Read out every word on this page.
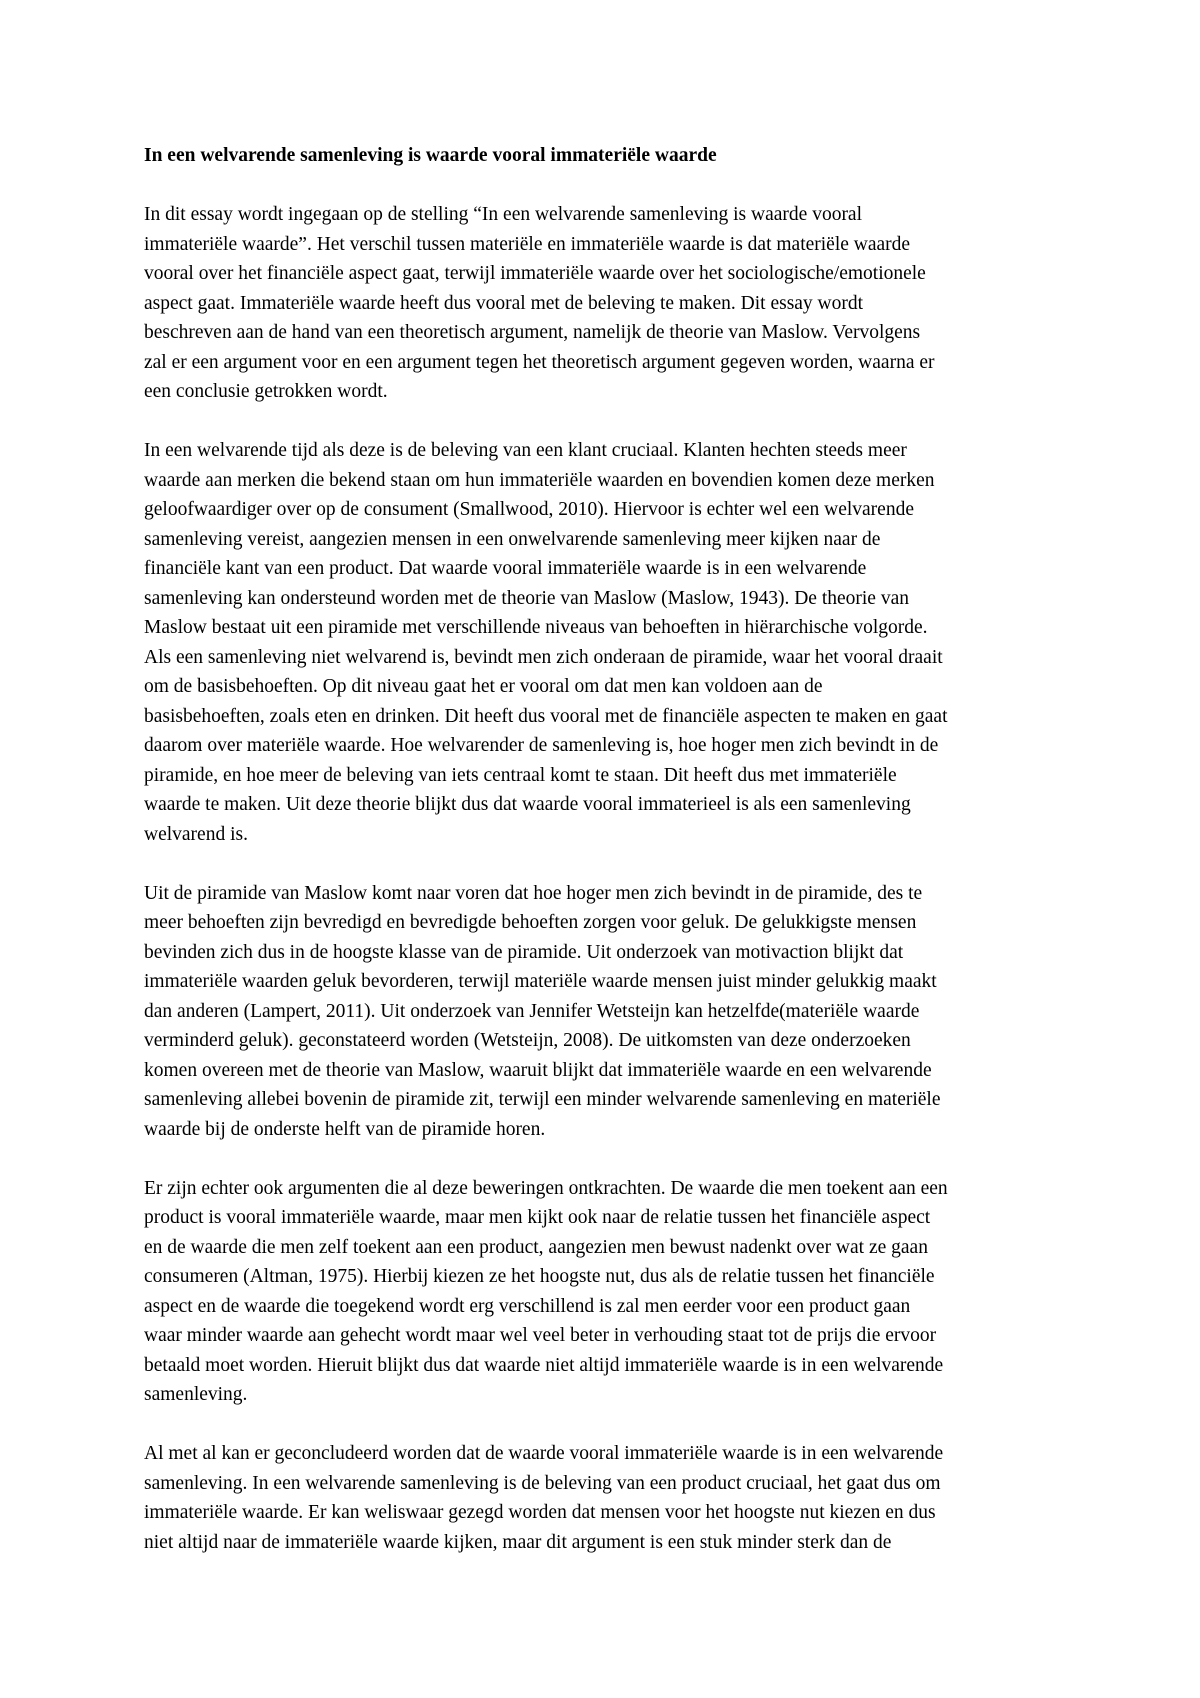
In een welvarende samenleving is waarde vooral immateriële waarde
In dit essay wordt ingegaan op de stelling “In een welvarende samenleving is waarde vooral
immateriële waarde”. Het verschil tussen materiële en immateriële waarde is dat materiële waarde
vooral over het financiële aspect gaat, terwijl immateriële waarde over het sociologische/emotionele
aspect gaat. Immateriële waarde heeft dus vooral met de beleving te maken. Dit essay wordt
beschreven aan de hand van een theoretisch argument, namelijk de theorie van Maslow. Vervolgens
zal er een argument voor en een argument tegen het theoretisch argument gegeven worden, waarna er
een conclusie getrokken wordt.
In een welvarende tijd als deze is de beleving van een klant cruciaal. Klanten hechten steeds meer
waarde aan merken die bekend staan om hun immateriële waarden en bovendien komen deze merken
geloofwaardiger over op de consument (Smallwood, 2010). Hiervoor is echter wel een welvarende
samenleving vereist, aangezien mensen in een onwelvarende samenleving meer kijken naar de
financiële kant van een product. Dat waarde vooral immateriële waarde is in een welvarende
samenleving kan ondersteund worden met de theorie van Maslow (Maslow, 1943). De theorie van
Maslow bestaat uit een piramide met verschillende niveaus van behoeften in hiërarchische volgorde.
Als een samenleving niet welvarend is, bevindt men zich onderaan de piramide, waar het vooral draait
om de basisbehoeften. Op dit niveau gaat het er vooral om dat men kan voldoen aan de
basisbehoeften, zoals eten en drinken. Dit heeft dus vooral met de financiële aspecten te maken en gaat
daarom over materiële waarde. Hoe welvarender de samenleving is, hoe hoger men zich bevindt in de
piramide, en hoe meer de beleving van iets centraal komt te staan. Dit heeft dus met immateriële
waarde te maken. Uit deze theorie blijkt dus dat waarde vooral immaterieel is als een samenleving
welvarend is.
Uit de piramide van Maslow komt naar voren dat hoe hoger men zich bevindt in de piramide, des te
meer behoeften zijn bevredigd en bevredigde behoeften zorgen voor geluk. De gelukkigste mensen
bevinden zich dus in de hoogste klasse van de piramide. Uit onderzoek van motivaction blijkt dat
immateriële waarden geluk bevorderen, terwijl materiële waarde mensen juist minder gelukkig maakt
dan anderen (Lampert, 2011). Uit onderzoek van Jennifer Wetsteijn kan hetzelfde(materiële waarde
verminderd geluk). geconstateerd worden (Wetsteijn, 2008). De uitkomsten van deze onderzoeken
komen overeen met de theorie van Maslow, waaruit blijkt dat immateriële waarde en een welvarende
samenleving allebei bovenin de piramide zit, terwijl een minder welvarende samenleving en materiële
waarde bij de onderste helft van de piramide horen.
Er zijn echter ook argumenten die al deze beweringen ontkrachten. De waarde die men toekent aan een
product is vooral immateriële waarde, maar men kijkt ook naar de relatie tussen het financiële aspect
en de waarde die men zelf toekent aan een product, aangezien men bewust nadenkt over wat ze gaan
consumeren (Altman, 1975). Hierbij kiezen ze het hoogste nut, dus als de relatie tussen het financiële
aspect en de waarde die toegekend wordt erg verschillend is zal men eerder voor een product gaan
waar minder waarde aan gehecht wordt maar wel veel beter in verhouding staat tot de prijs die ervoor
betaald moet worden. Hieruit blijkt dus dat waarde niet altijd immateriële waarde is in een welvarende
samenleving.
Al met al kan er geconcludeerd worden dat de waarde vooral immateriële waarde is in een welvarende
samenleving. In een welvarende samenleving is de beleving van een product cruciaal, het gaat dus om
immateriële waarde. Er kan weliswaar gezegd worden dat mensen voor het hoogste nut kiezen en dus
niet altijd naar de immateriële waarde kijken, maar dit argument is een stuk minder sterk dan de
